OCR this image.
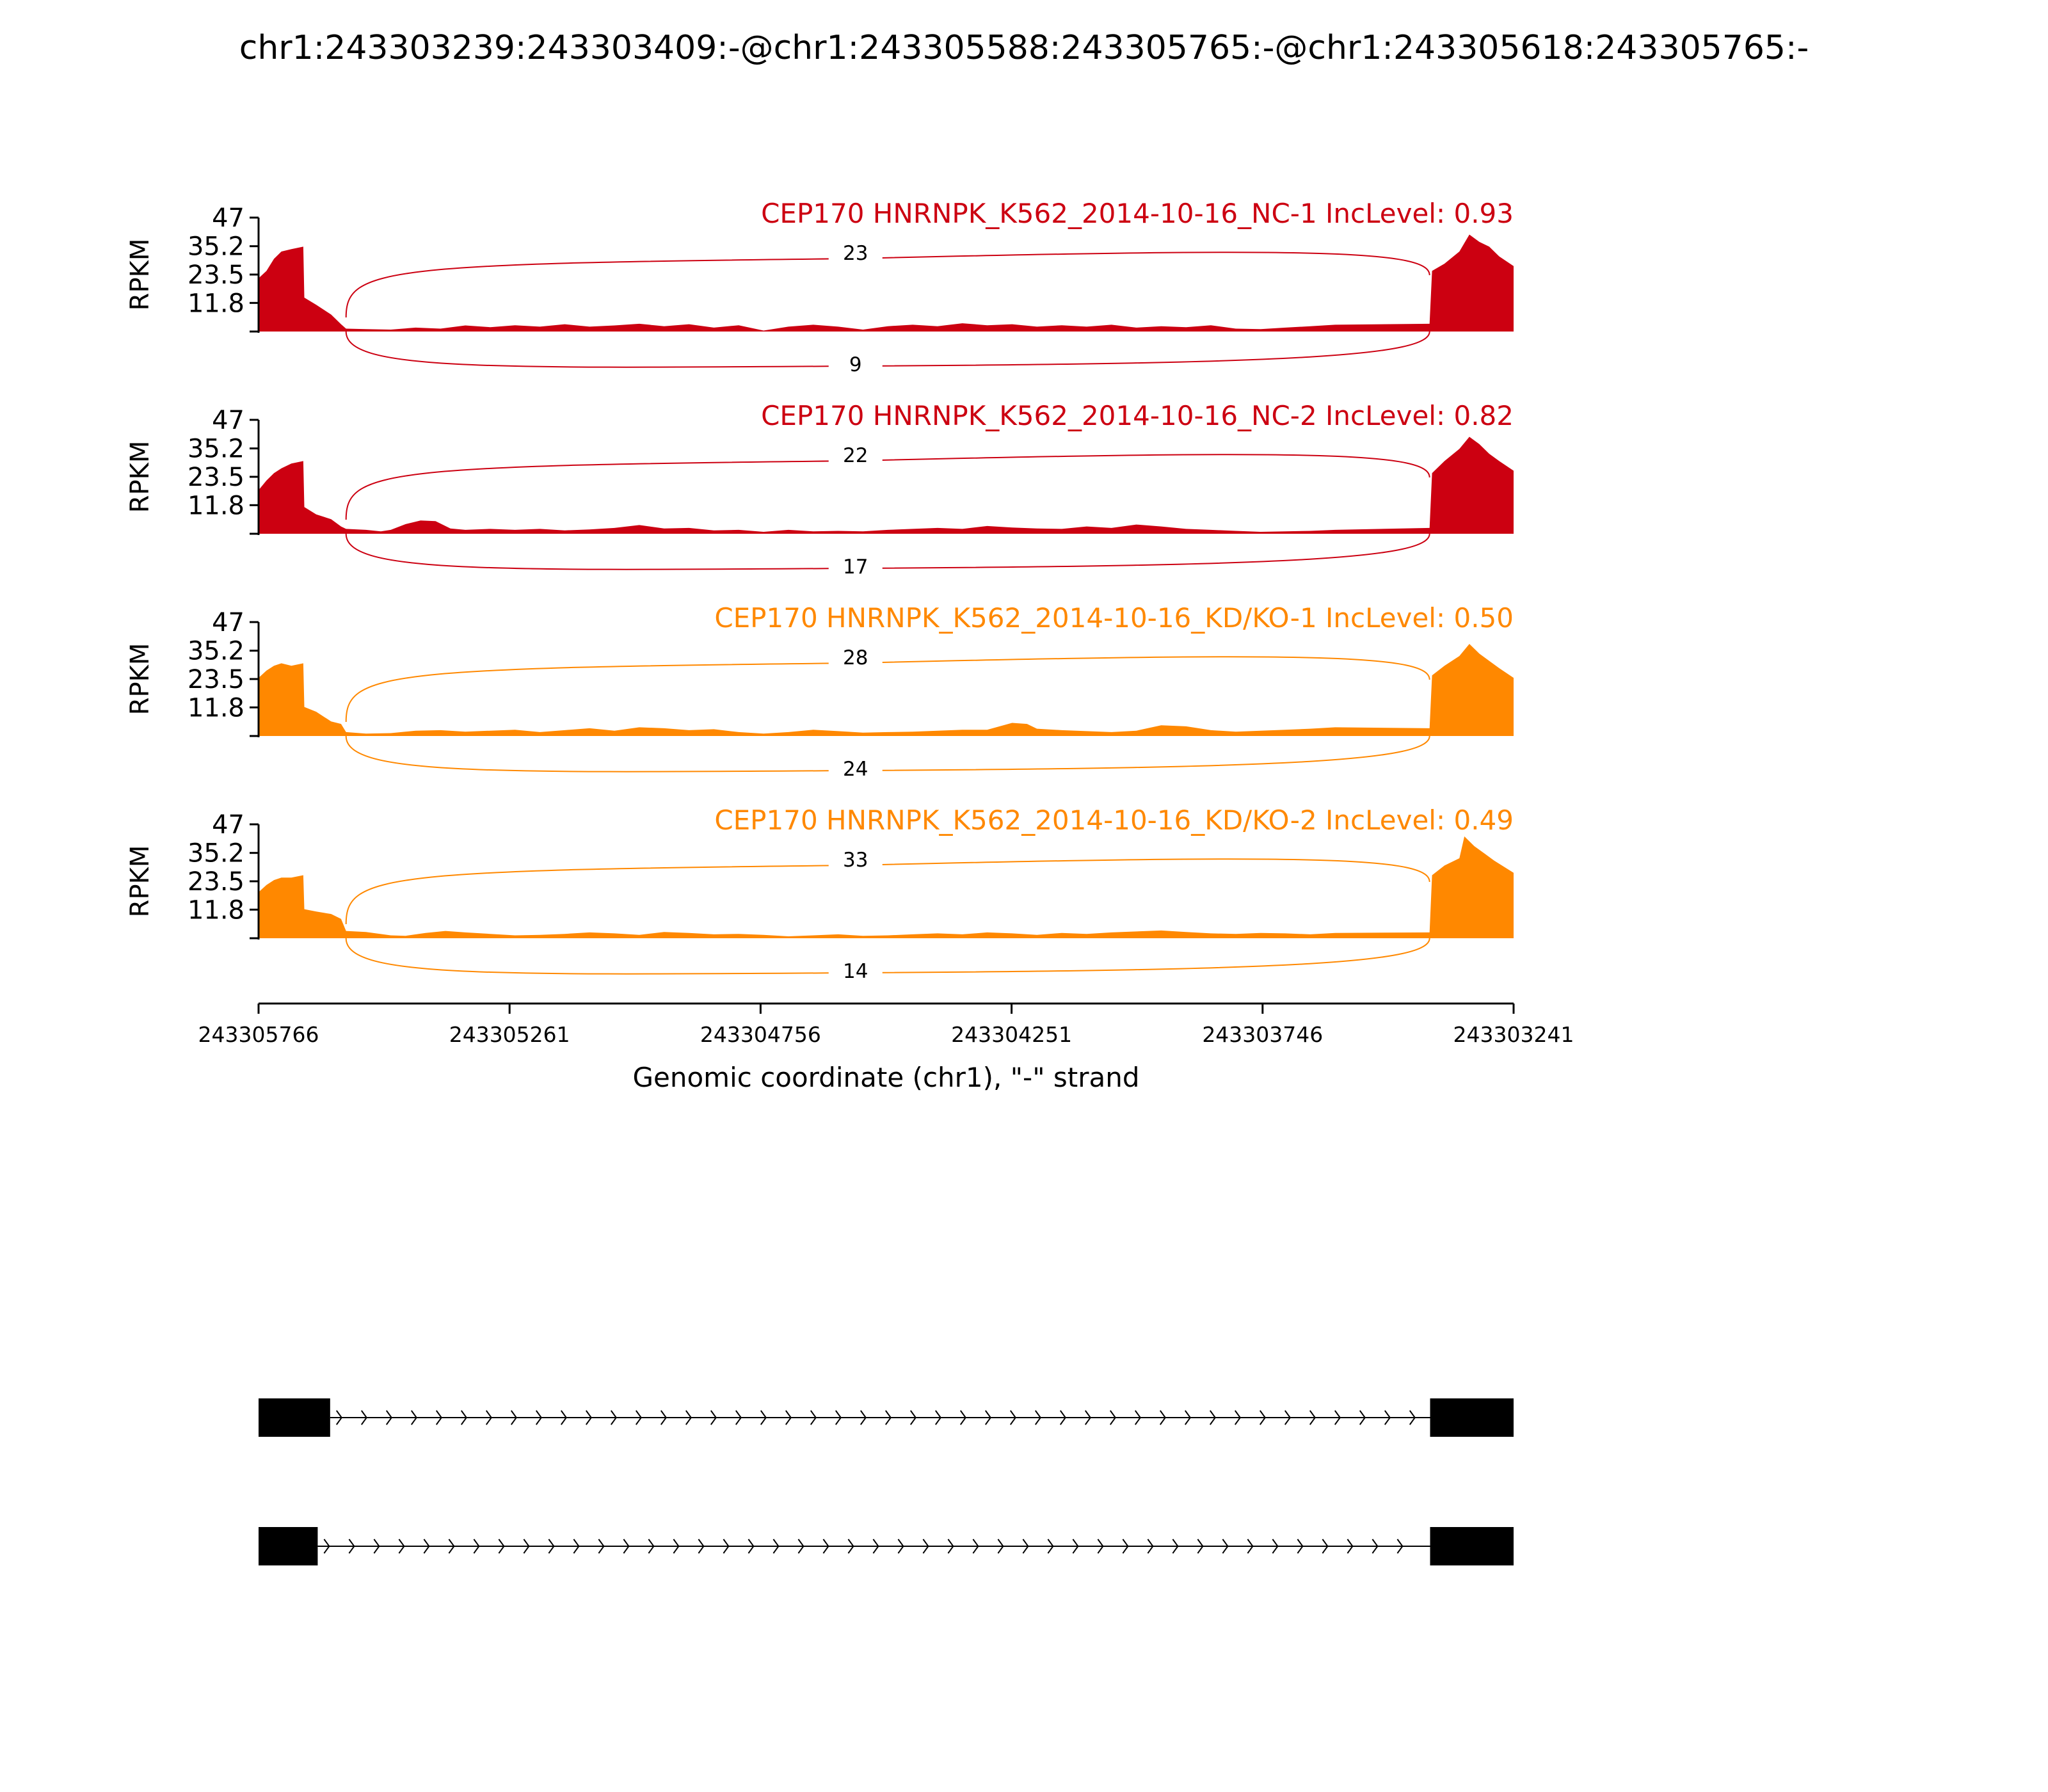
chr1:243303239:243303409:-@chr1:243305588:243305765:-@chr1:243305618:243305765:-
11.8
23.5
35.2
47
RPKM
CEP170 HNRNPK_K562_2014-10-16_NC-1 IncLevel: 0.93
23
9
11.8
23.5
35.2
47
RPKM
CEP170 HNRNPK_K562_2014-10-16_NC-2 IncLevel: 0.82
22
17
11.8
23.5
35.2
47
RPKM
CEP170 HNRNPK_K562_2014-10-16_KD/KO-1 IncLevel: 0.50
28
24
11.8
23.5
35.2
47
RPKM
CEP170 HNRNPK_K562_2014-10-16_KD/KO-2 IncLevel: 0.49
33
14
243305766	243305261	243304756	243304251	243303746	243303241
Genomic coordinate (chr1), "-" strand
